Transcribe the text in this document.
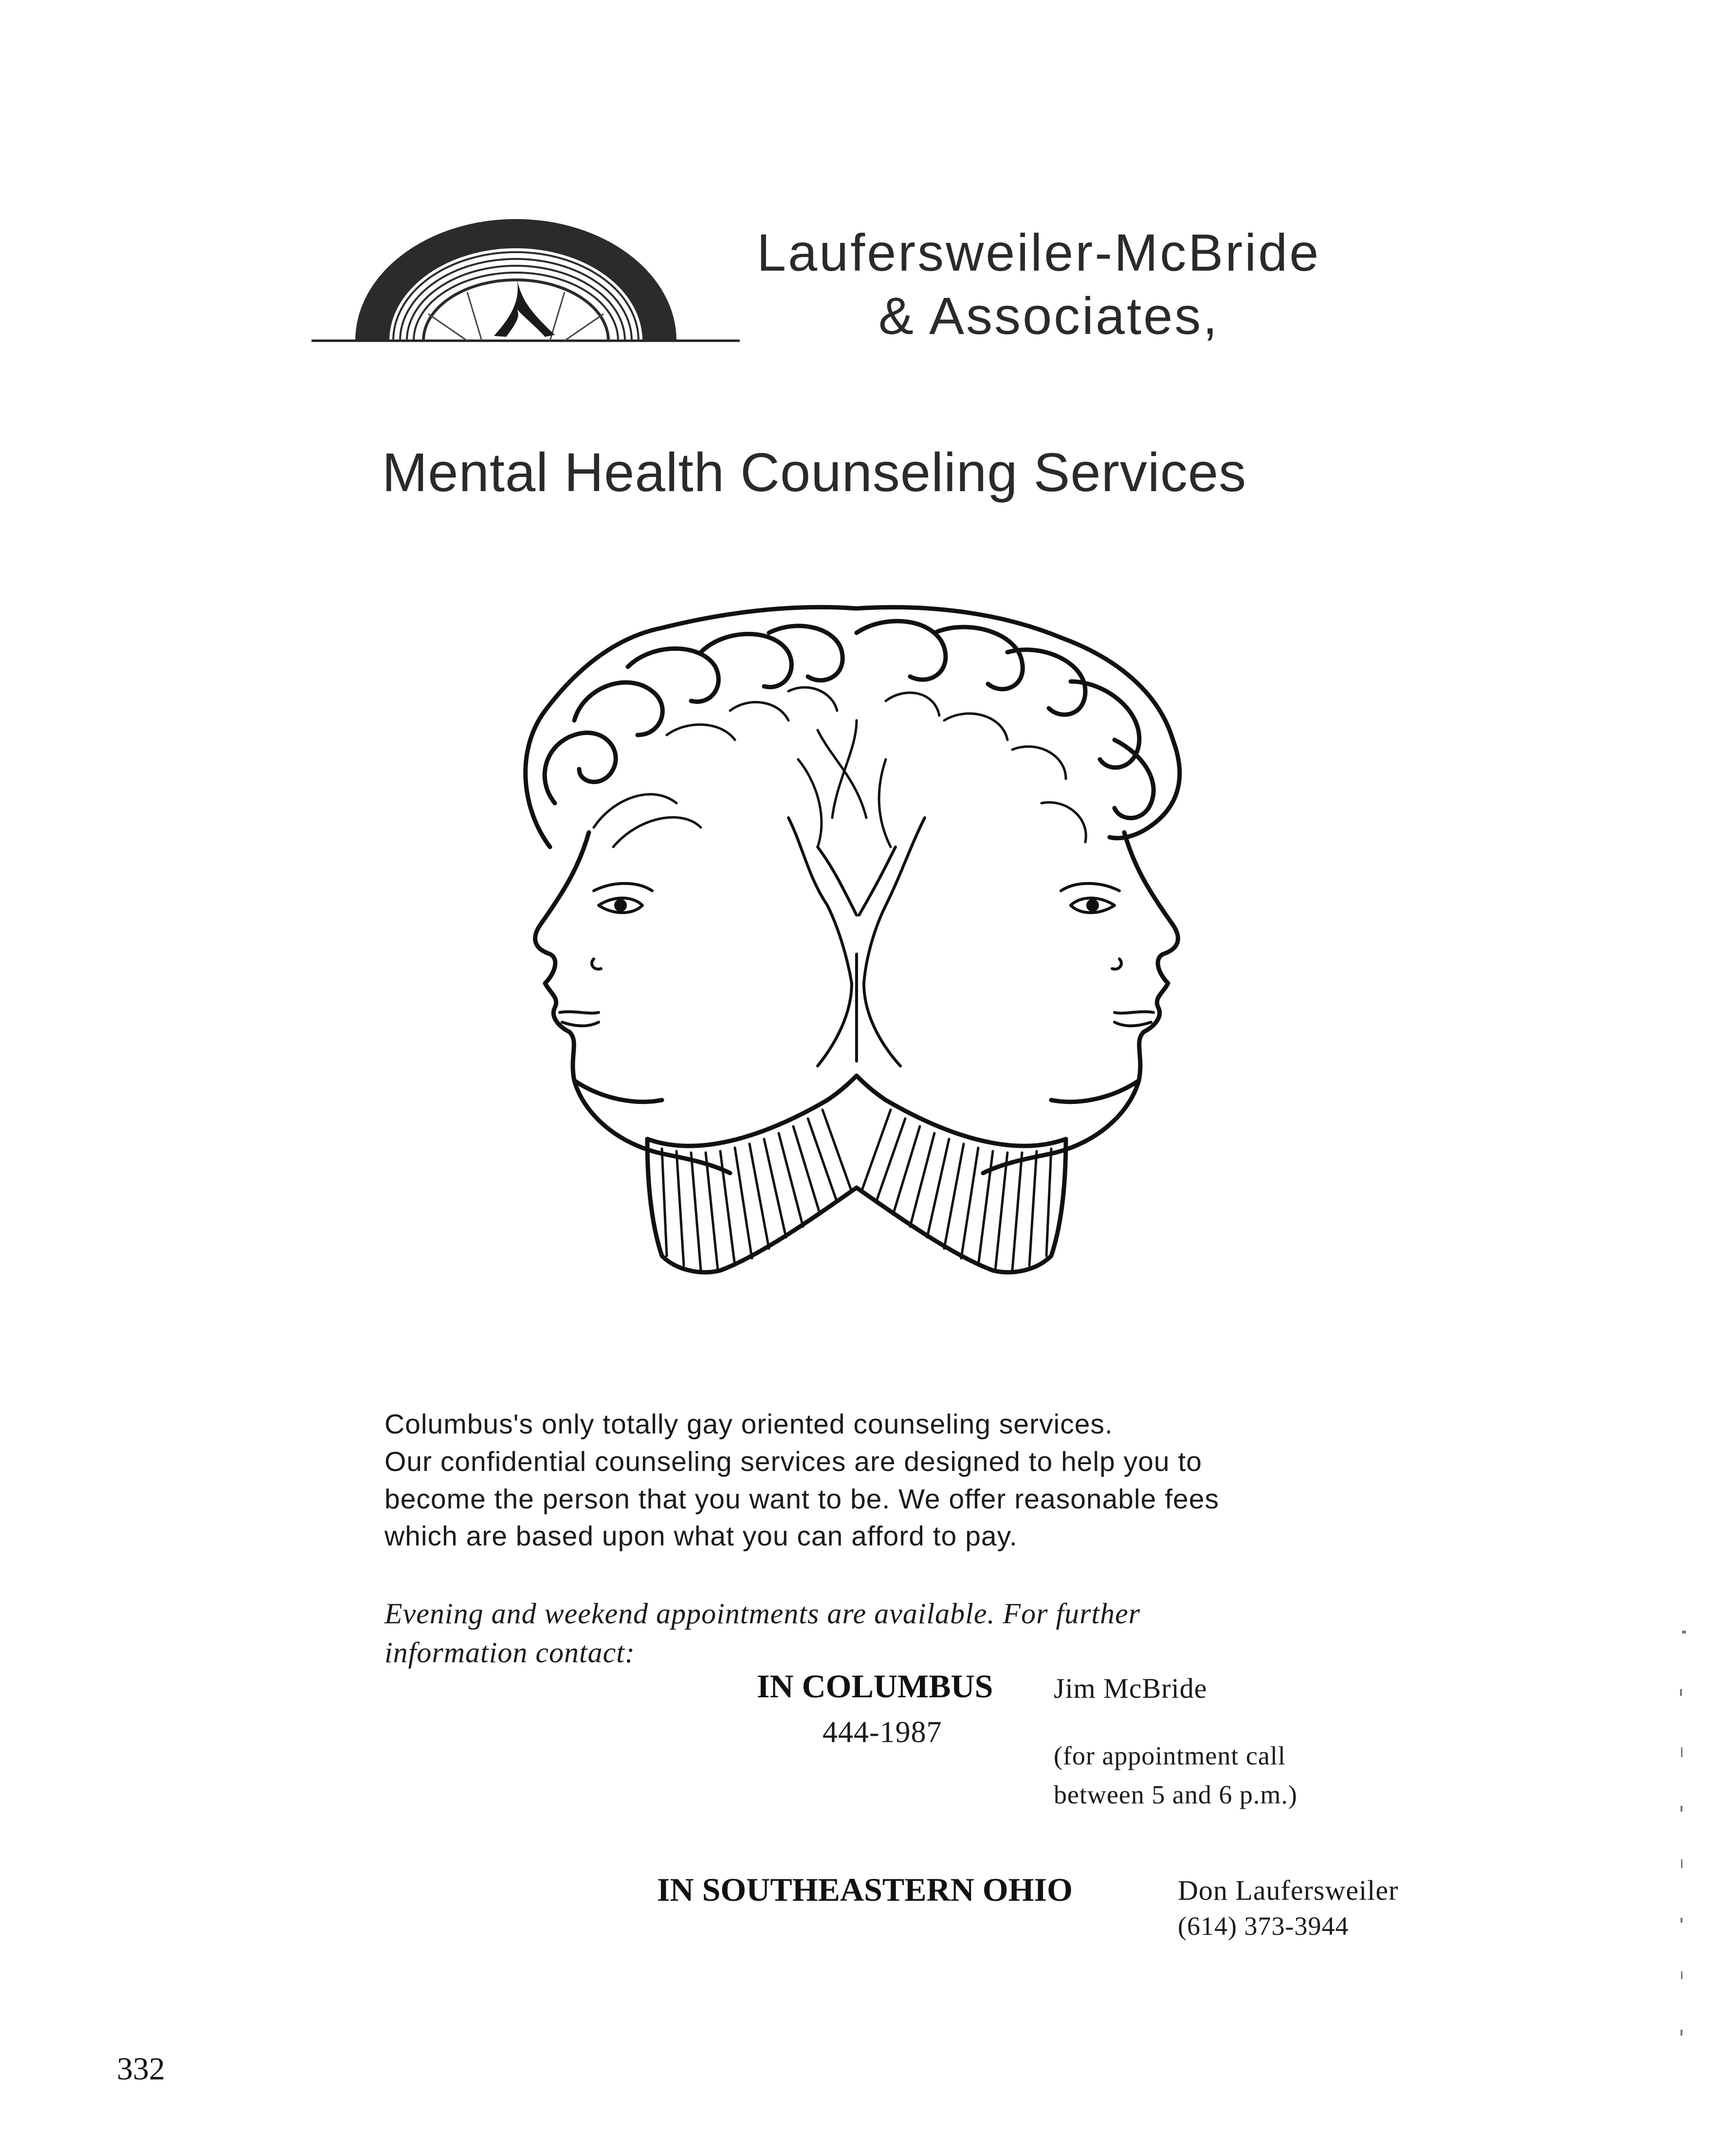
Laufersweiler-McBride
& Associates,
Mental Health Counseling Services
Columbus's only totally gay oriented counseling services.
Our confidential counseling services are designed to help you to
become the person that you want to be. We offer reasonable fees
which are based upon what you can afford to pay.
Evening and weekend appointments are available. For further
information contact:
IN COLUMBUS
444-1987
Jim McBride
(for appointment call
between 5 and 6 p.m.)
IN SOUTHEASTERN OHIO	Don Laufersweiler
(614) 373-3944
332
